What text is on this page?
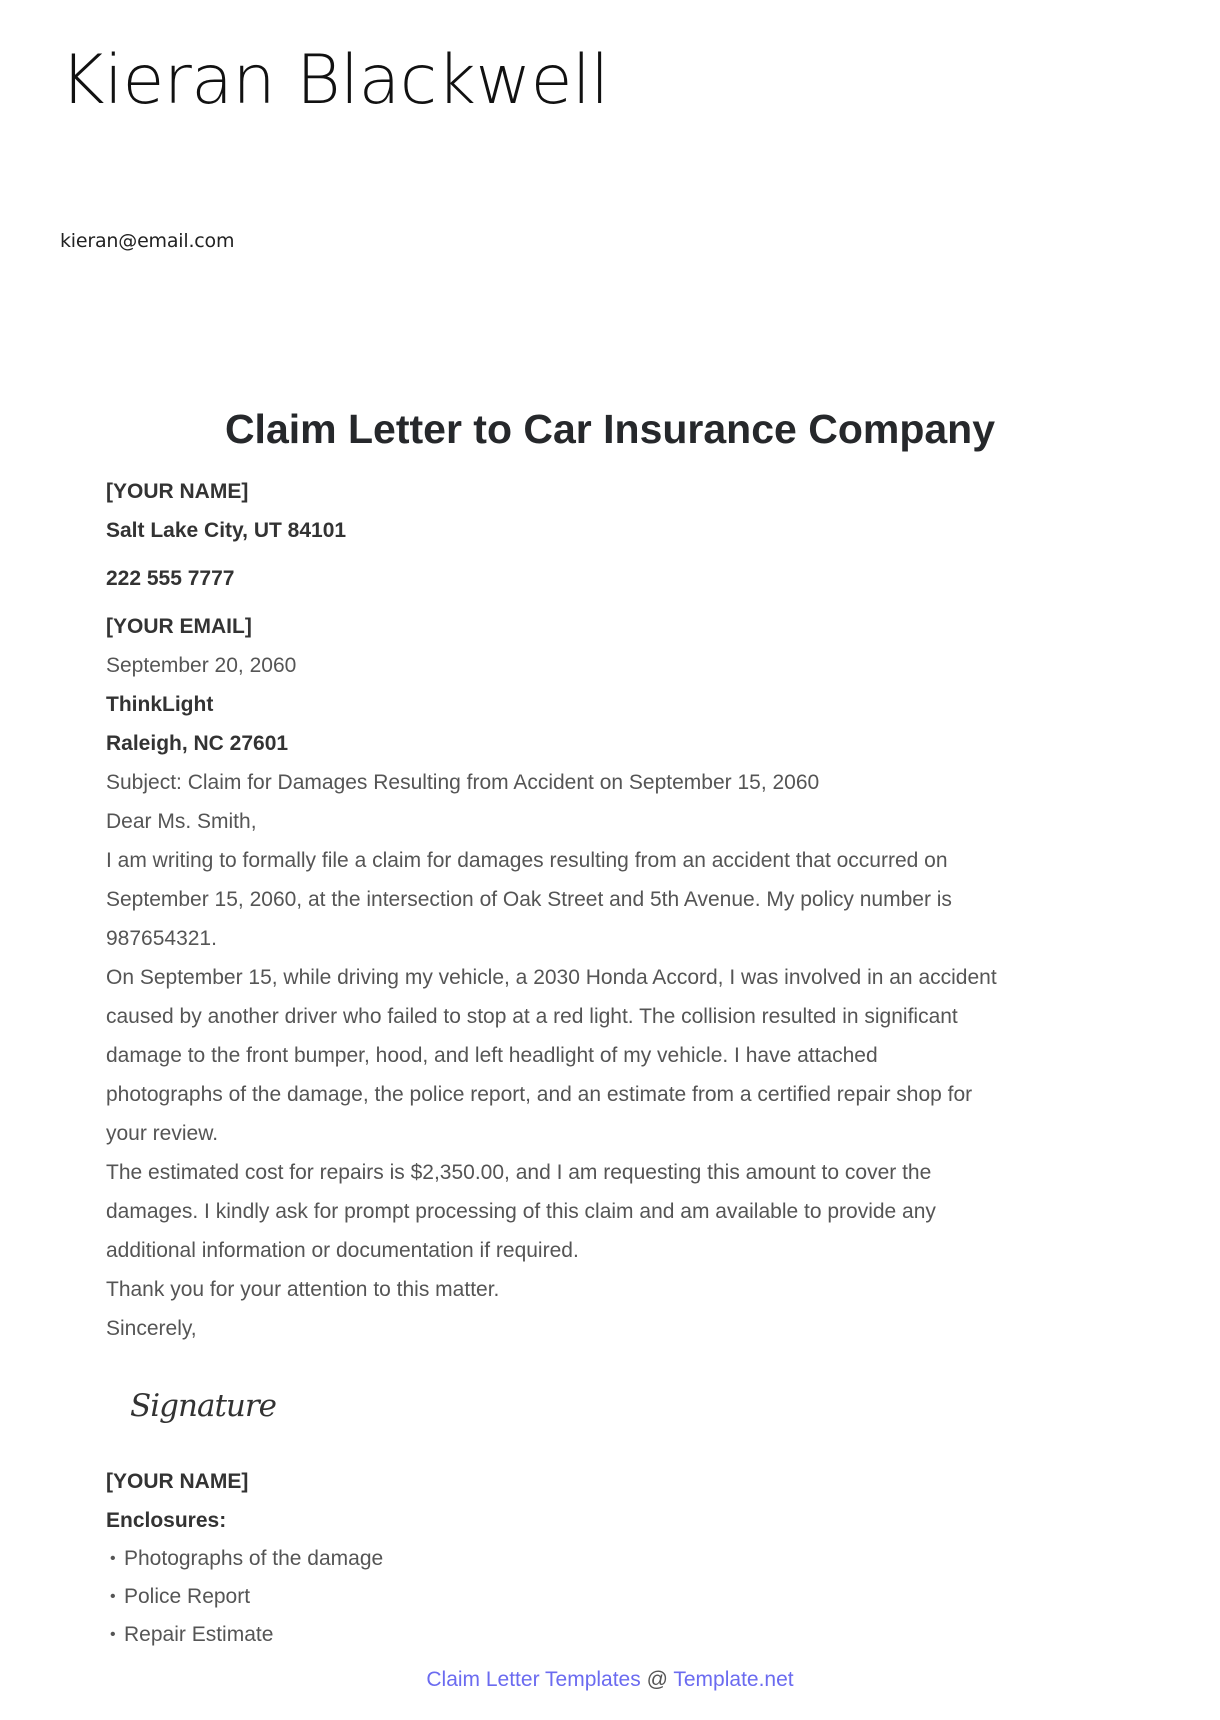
Kieran Blackwell
kieran@email.com
Claim Letter to Car Insurance Company
[YOUR NAME]
Salt Lake City, UT 84101
222 555 7777
[YOUR EMAIL]
September 20, 2060
ThinkLight
Raleigh, NC 27601
Subject: Claim for Damages Resulting from Accident on September 15, 2060
Dear Ms. Smith,
I am writing to formally file a claim for damages resulting from an accident that occurred on
September 15, 2060, at the intersection of Oak Street and 5th Avenue. My policy number is
987654321.
On September 15, while driving my vehicle, a 2030 Honda Accord, I was involved in an accident
caused by another driver who failed to stop at a red light. The collision resulted in significant
damage to the front bumper, hood, and left headlight of my vehicle. I have attached
photographs of the damage, the police report, and an estimate from a certified repair shop for
your review.
The estimated cost for repairs is $2,350.00, and I am requesting this amount to cover the
damages. I kindly ask for prompt processing of this claim and am available to provide any
additional information or documentation if required.
Thank you for your attention to this matter.
Sincerely,
Signature
[YOUR NAME]
Enclosures:
• Photographs of the damage
• Police Report
• Repair Estimate
Claim Letter Templates @ Template.net
